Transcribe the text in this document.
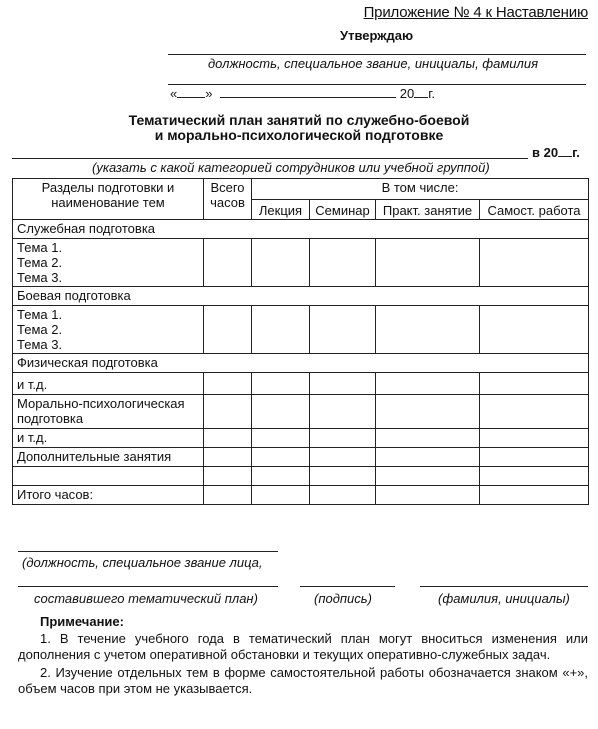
Приложение № 4 к Наставлению
Утверждаю
должность, специальное звание, инициалы, фамилия
« »	20 г.
Тематический план занятий по служебно-боевой
и морально-психологической подготовке
в 20 г.
(указать с какой категорией сотрудников или учебной группой)
Разделы подготовки и наименование тем	Всего часов	В том числе:			
		Лекция	Семинар	Практ. занятие	Самост. работа
Служебная подготовка					

Тема 1.
Тема 2.
Тема 3.					

Боевая подготовка					

Тема 1.
Тема 2.
Тема 3.					

Физическая подготовка					
и т.д.					
Морально-психологическая подготовка					
и т.д.					
Дополнительные занятия					

Итого часов:					
(должность, специальное звание лица,
составившего тематический план)	(подпись)	(фамилия, инициалы)
Примечание:
1. В течение учебного года в тематический план могут вноситься изменения или дополнения с учетом оперативной обстановки и текущих оперативно-служебных задач.
2. Изучение отдельных тем в форме самостоятельной работы обозначается знаком «+», объем часов при этом не указывается.
